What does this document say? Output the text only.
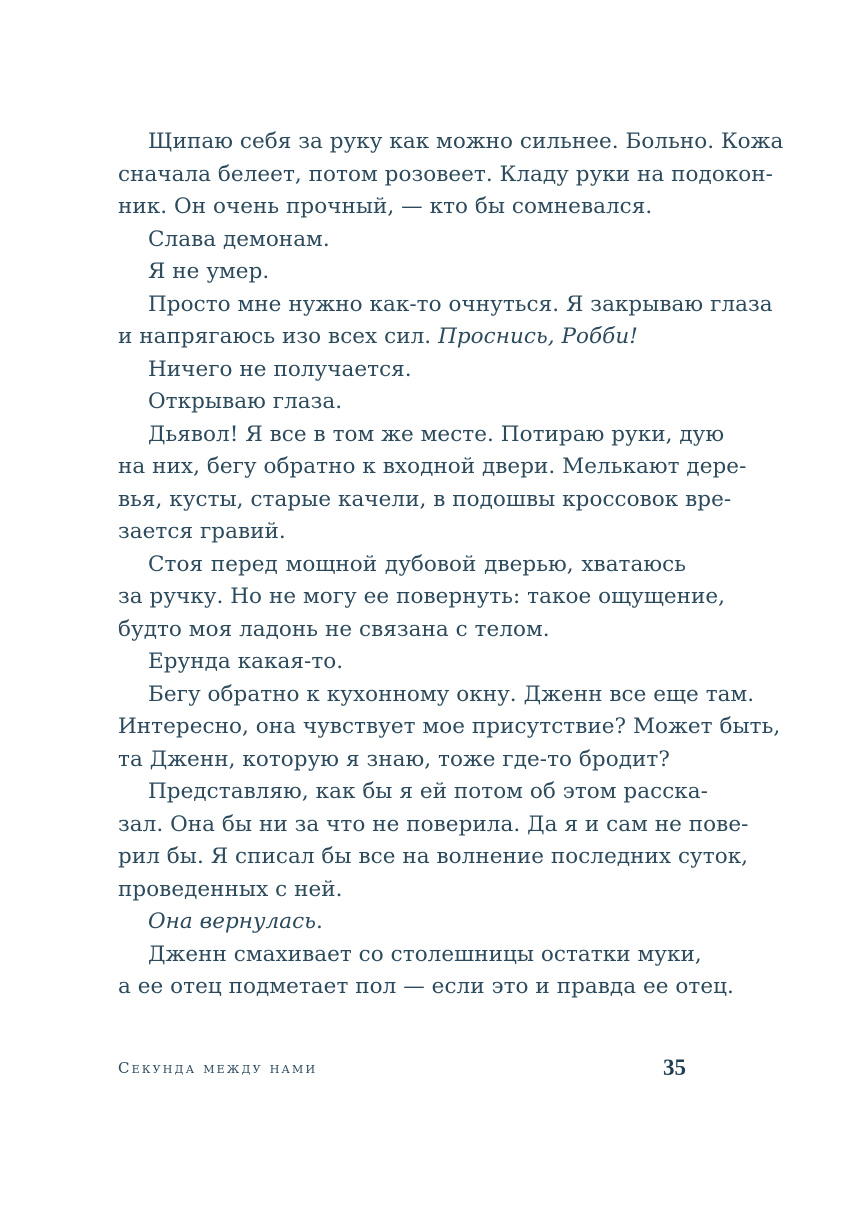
Щипаю себя за руку как можно сильнее. Больно. Кожа
сначала белеет, потом розовеет. Кладу руки на подокон-
ник. Он очень прочный, — кто бы сомневался.
Слава демонам.
Я не умер.
Просто мне нужно как-то очнуться. Я закрываю глаза
и напрягаюсь изо всех сил. Проснись, Робби!
Ничего не получается.
Открываю глаза.
Дьявол! Я все в том же месте. Потираю руки, дую
на них, бегу обратно к входной двери. Мелькают дере-
вья, кусты, старые качели, в подошвы кроссовок вре-
зается гравий.
Стоя перед мощной дубовой дверью, хватаюсь
за ручку. Но не могу ее повернуть: такое ощущение,
будто моя ладонь не связана с телом.
Ерунда какая-то.
Бегу обратно к кухонному окну. Дженн все еще там.
Интересно, она чувствует мое присутствие? Может быть,
та Дженн, которую я знаю, тоже где-то бродит?
Представляю, как бы я ей потом об этом расска-
зал. Она бы ни за что не поверила. Да я и сам не пове-
рил бы. Я списал бы все на волнение последних суток,
проведенных с ней.
Она вернулась.
Дженн смахивает со столешницы остатки муки,
а ее отец подметает пол — если это и правда ее отец.
Секунда между нами	35
